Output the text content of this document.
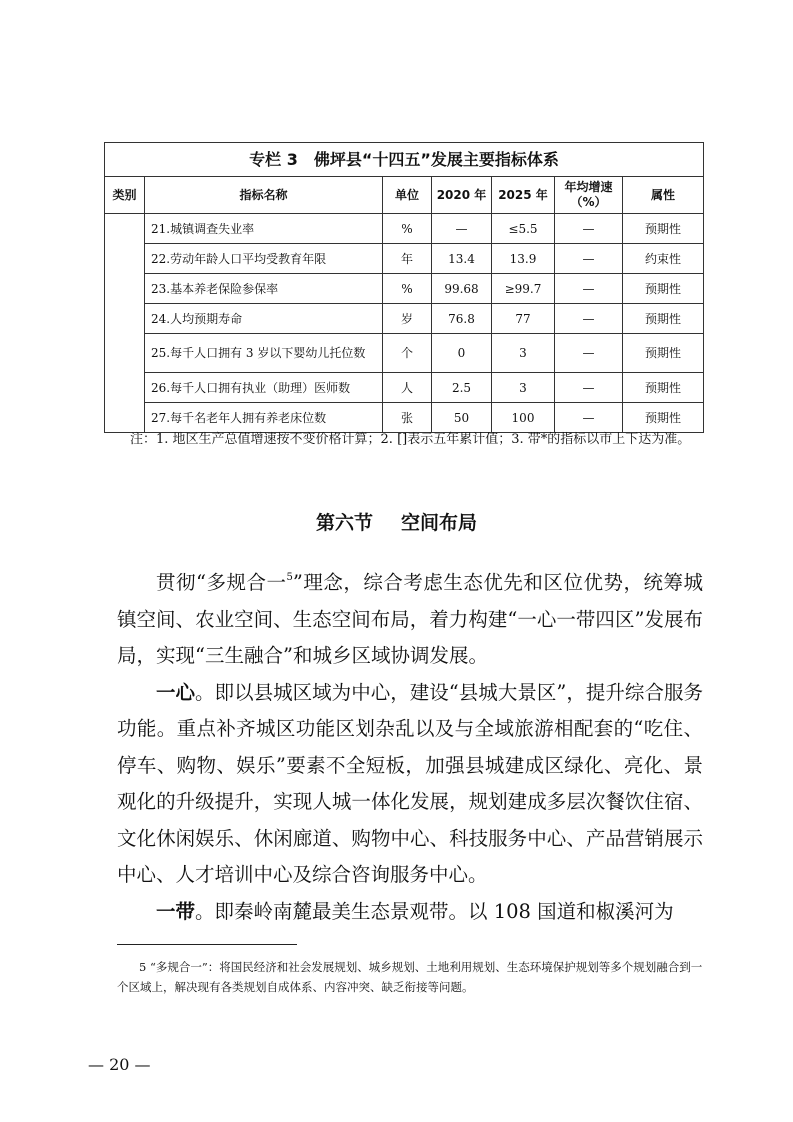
专栏 3　佛坪县“十四五”发展主要指标体系						
类别	指标名称	单位	2020 年	2025 年	年均增速（%）	属性
	21.城镇调查失业率	%	—	≤5.5	—	预期性
	22.劳动年龄人口平均受教育年限	年	13.4	13.9	—	约束性
	23.基本养老保险参保率	%	99.68	≥99.7	—	预期性
	24.人均预期寿命	岁	76.8	77	—	预期性
	25.每千人口拥有 3 岁以下婴幼儿托位数	个	0	3	—	预期性
	26.每千人口拥有执业（助理）医师数	人	2.5	3	—	预期性
	27.每千名老年人拥有养老床位数	张	50	100	—	预期性
注：1. 地区生产总值增速按不变价格计算；2. []表示五年累计值；3. 带*的指标以市上下达为准。
第六节 空间布局

贯彻“多规合一$^5$”理念，综合考虑生态优先和区位优势，统筹城镇空间、农业空间、生态空间布局，着力构建“一心一带四区”发展布局，实现“三生融合”和城乡区域协调发展。

一心。即以县城区域为中心，建设“县城大景区”，提升综合服务功能。重点补齐城区功能区划杂乱以及与全域旅游相配套的“吃住、停车、购物、娱乐”要素不全短板，加强县城建成区绿化、亮化、景观化的升级提升，实现人城一体化发展，规划建成多层次餐饮住宿、文化休闲娱乐、休闲廊道、购物中心、科技服务中心、产品营销展示中心、人才培训中心及综合咨询服务中心。

一带。即秦岭南麓最美生态景观带。以 108 国道和椒溪河为

5 “多规合一”：将国民经济和社会发展规划、城乡规划、土地利用规划、生态环境保护规划等多个规划融合到一个区域上，解决现有各类规划自成体系、内容冲突、缺乏衔接等问题。
— 20 —
